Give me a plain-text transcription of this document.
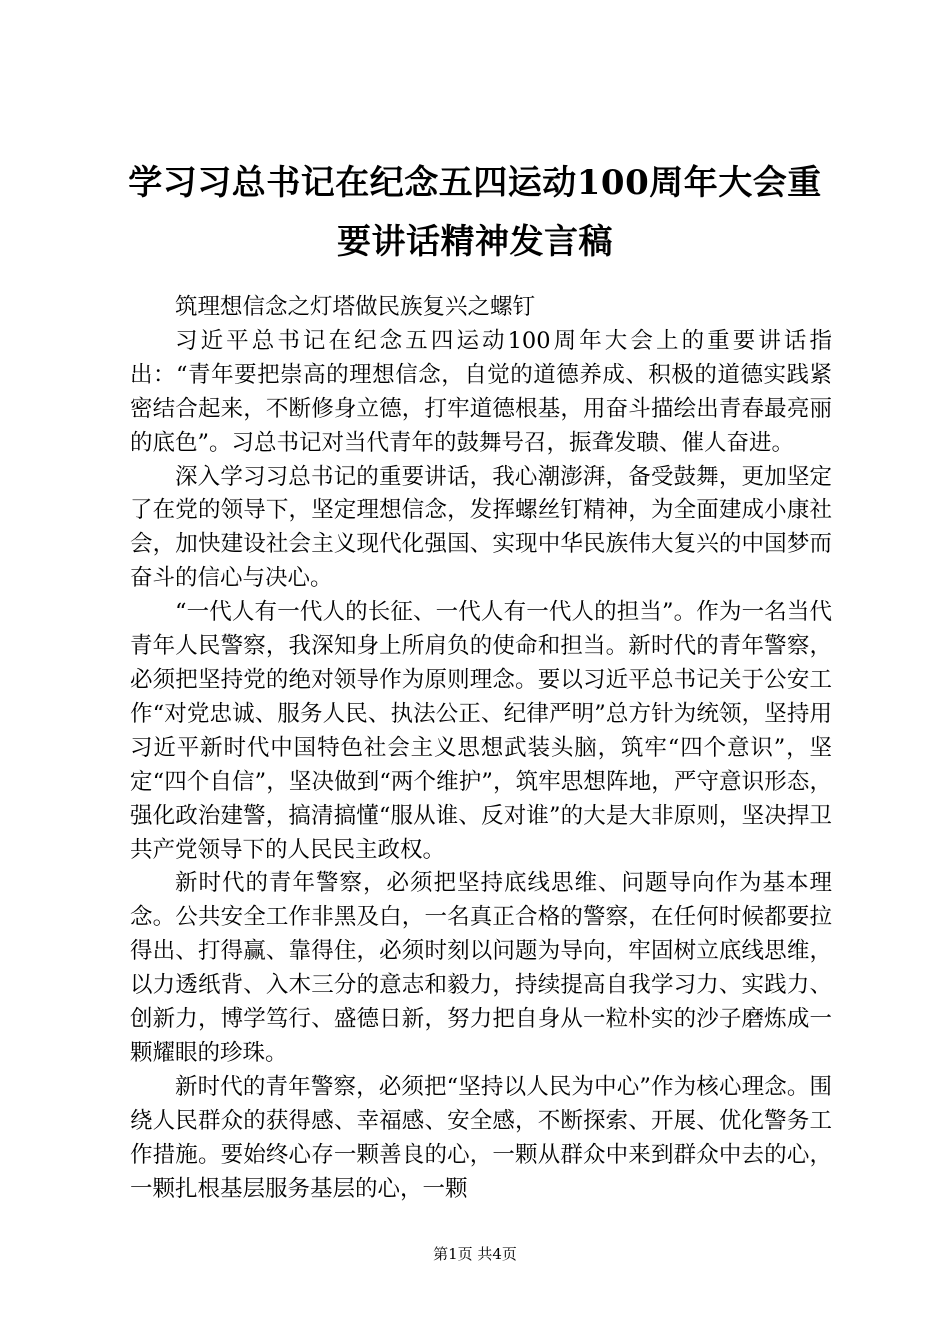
学习习总书记在纪念五四运动100周年大会重
要讲话精神发言稿

筑理想信念之灯塔做民族复兴之螺钉

习近平总书记在纪念五四运动100周年大会上的重要讲话指出：“青年要把崇高的理想信念，自觉的道德养成、积极的道德实践紧密结合起来，不断修身立德，打牢道德根基，用奋斗描绘出青春最亮丽的底色”。习总书记对当代青年的鼓舞号召，振聋发聩、催人奋进。

深入学习习总书记的重要讲话，我心潮澎湃，备受鼓舞，更加坚定了在党的领导下，坚定理想信念，发挥螺丝钉精神，为全面建成小康社会，加快建设社会主义现代化强国、实现中华民族伟大复兴的中国梦而奋斗的信心与决心。

“一代人有一代人的长征、一代人有一代人的担当”。作为一名当代青年人民警察，我深知身上所肩负的使命和担当。新时代的青年警察，必须把坚持党的绝对领导作为原则理念。要以习近平总书记关于公安工作“对党忠诚、服务人民、执法公正、纪律严明”总方针为统领，坚持用习近平新时代中国特色社会主义思想武装头脑，筑牢“四个意识”，坚定“四个自信”，坚决做到“两个维护”，筑牢思想阵地，严守意识形态，强化政治建警，搞清搞懂“服从谁、反对谁”的大是大非原则，坚决捍卫共产党领导下的人民民主政权。

新时代的青年警察，必须把坚持底线思维、问题导向作为基本理念。公共安全工作非黑及白，一名真正合格的警察，在任何时候都要拉得出、打得赢、靠得住，必须时刻以问题为导向，牢固树立底线思维，以力透纸背、入木三分的意志和毅力，持续提高自我学习力、实践力、创新力，博学笃行、盛德日新，努力把自身从一粒朴实的沙子磨炼成一颗耀眼的珍珠。

新时代的青年警察，必须把“坚持以人民为中心”作为核心理念。围绕人民群众的获得感、幸福感、安全感，不断探索、开展、优化警务工作措施。要始终心存一颗善良的心，一颗从群众中来到群众中去的心，一颗扎根基层服务基层的心，一颗

第1页 共4页
